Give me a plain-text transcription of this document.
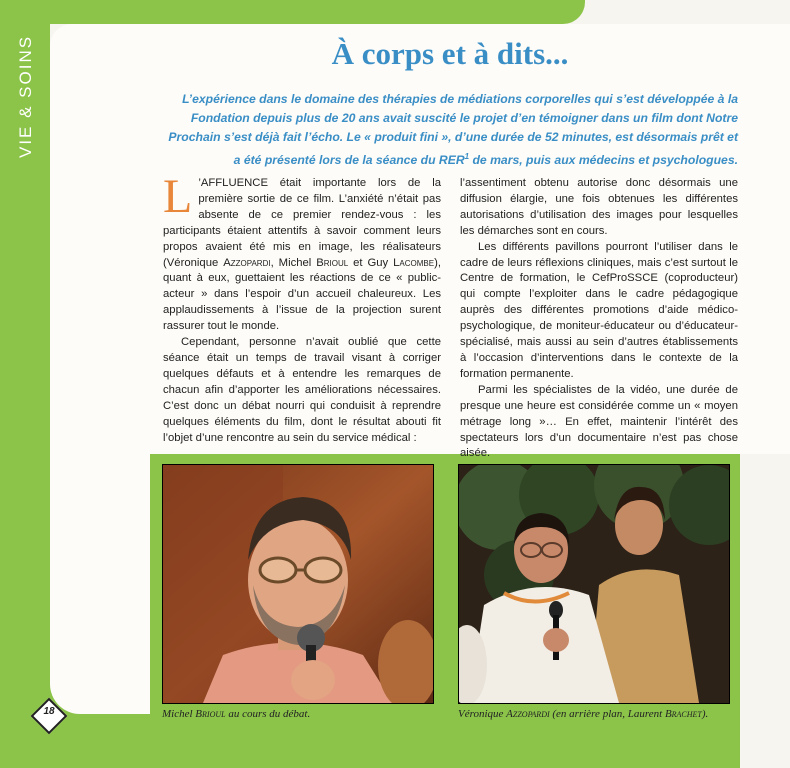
VIE & SOINS	À corps et à dits...
L’expérience dans le domaine des thérapies de médiations corporelles qui s’est développée à la Fondation depuis plus de 20 ans avait suscité le projet d’en témoigner dans un film dont Notre Prochain s’est déjà fait l’écho. Le « produit fini », d’une durée de 52 minutes, est désormais prêt et a été présenté lors de la séance du RER$^1$ de mars, puis aux médecins et psychologues.

L ’AFFLUENCE était importante lors de la première sortie de ce film. L’anxiété n’était pas absente de ce premier rendez-vous : les participants étaient attentifs à savoir comment leurs propos avaient été mis en image, les réalisateurs (Véronique Azzopardi, Michel Brioul et Guy Lacombe), quant à eux, guettaient les réactions de ce « public-acteur » dans l’espoir d’un accueil chaleureux. Les applaudissements à l’issue de la projection surent rassurer tout le monde.

Cependant, personne n’avait oublié que cette séance était un temps de travail visant à corriger quelques défauts et à entendre les remarques de chacun afin d’apporter les améliorations nécessaires. C’est donc un débat nourri qui conduisit à reprendre quelques éléments du film, dont le résultat abouti fit l’objet d’une rencontre au sein du service médical :

l’assentiment obtenu autorise donc désormais une diffusion élargie, une fois obtenues les différentes autorisations d’utilisation des images pour lesquelles les démarches sont en cours.

Les différents pavillons pourront l’utiliser dans le cadre de leurs réflexions cliniques, mais c’est surtout le Centre de formation, le CefProSSCE (coproducteur) qui compte l’exploiter dans le cadre pédagogique auprès des différentes promotions d’aide médico-psychologique, de moniteur-éducateur ou d’éducateur-spécialisé, mais aussi au sein d’autres établissements à l’occasion d’interventions dans le contexte de la formation permanente.

Parmi les spécialistes de la vidéo, une durée de presque une heure est considérée comme un « moyen métrage long »… En effet, maintenir l’intérêt des spectateurs lors d’un documentaire n’est pas chose aisée.

Michel Brioul au cours du débat.	Véronique Azzopardi (en arrière plan, Laurent Brachet).
18
